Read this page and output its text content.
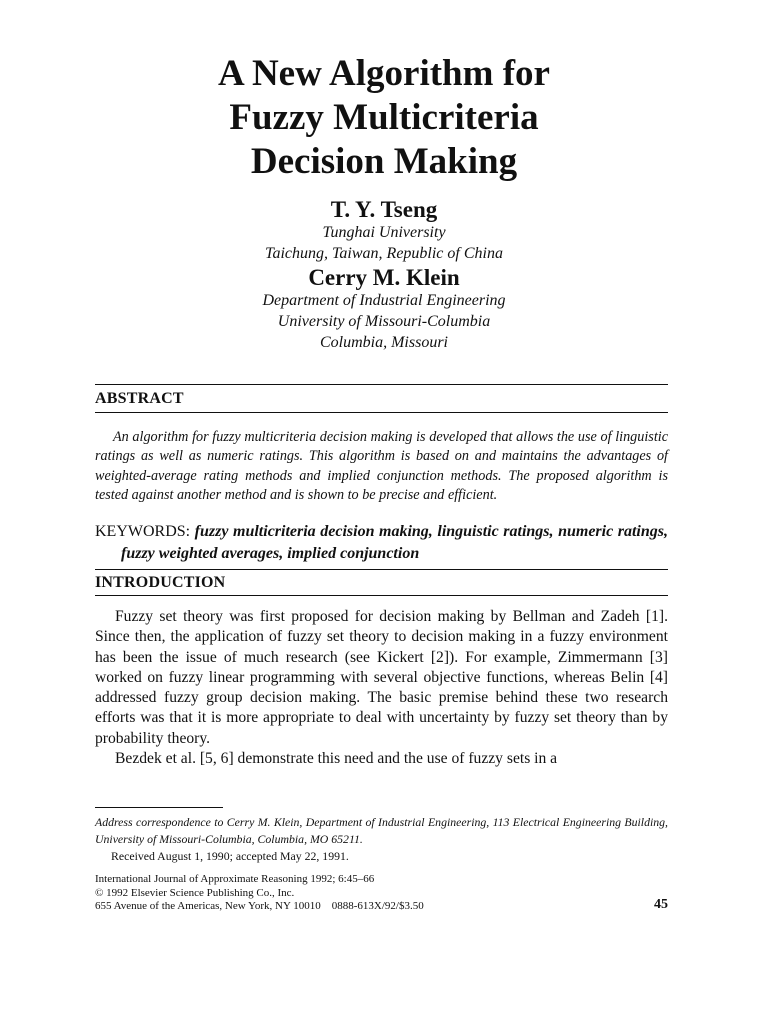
A New Algorithm for
Fuzzy Multicriteria
Decision Making
T. Y. Tseng
Tunghai University
Taichung, Taiwan, Republic of China
Cerry M. Klein
Department of Industrial Engineering
University of Missouri-Columbia
Columbia, Missouri
ABSTRACT

An algorithm for fuzzy multicriteria decision making is developed that allows the use of linguistic ratings as well as numeric ratings. This algorithm is based on and maintains the advantages of weighted-average rating methods and implied conjunction methods. The proposed algorithm is tested against another method and is shown to be precise and efficient.

KEYWORDS: fuzzy multicriteria decision making, linguistic ratings, numeric ratings, fuzzy weighted averages, implied conjunction

INTRODUCTION

Fuzzy set theory was first proposed for decision making by Bellman and Zadeh [1]. Since then, the application of fuzzy set theory to decision making in a fuzzy environment has been the issue of much research (see Kickert [2]). For example, Zimmermann [3] worked on fuzzy linear programming with several objective functions, whereas Belin [4] addressed fuzzy group decision making. The basic premise behind these two research efforts was that it is more appropriate to deal with uncertainty by fuzzy set theory than by probability theory.

Bezdek et al. [5, 6] demonstrate this need and the use of fuzzy sets in a

Address correspondence to Cerry M. Klein, Department of Industrial Engineering, 113 Electrical Engineering Building, University of Missouri-Columbia, Columbia, MO 65211.
Received August 1, 1990; accepted May 22, 1991.
International Journal of Approximate Reasoning 1992; 6:45–66
© 1992 Elsevier Science Publishing Co., Inc.
655 Avenue of the Americas, New York, NY 10010    0888-613X/92/$3.50	45
